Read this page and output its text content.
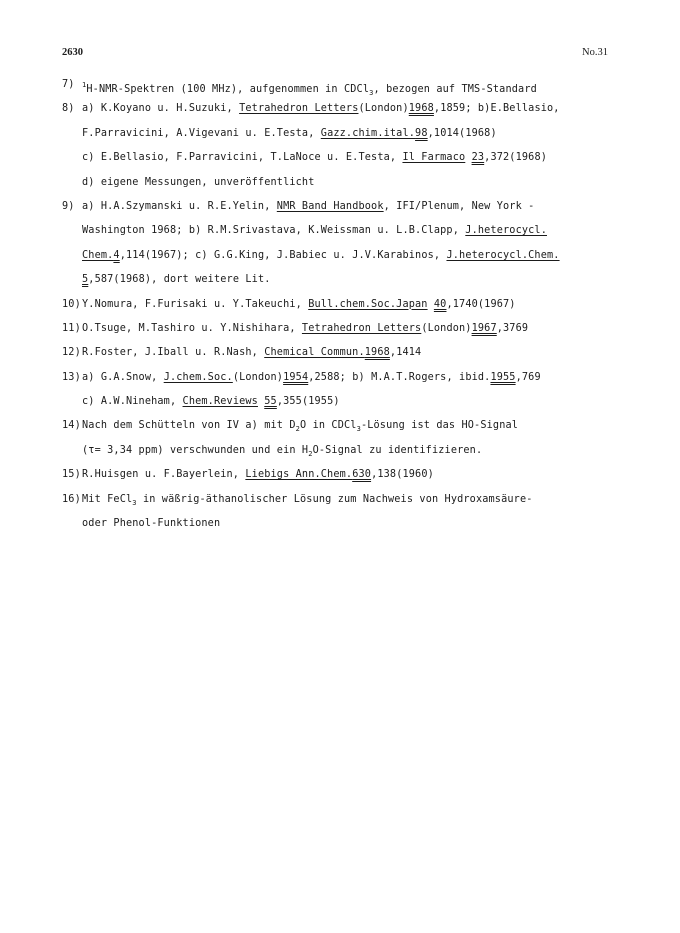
2630	No.31
7) $^1$H-NMR-Spektren (100 MHz), aufgenommen in CDCl$_3$, bezogen auf TMS-Standard
8) a) K.Koyano u. H.Suzuki, Tetrahedron Letters(London)1968,1859; b)E.Bellasio,
F.Parravicini, A.Vigevani u. E.Testa, Gazz.chim.ital.98,1014(1968)
c) E.Bellasio, F.Parravicini, T.LaNoce u. E.Testa, Il Farmaco 23,372(1968)
d) eigene Messungen, unveröffentlicht
9) a) H.A.Szymanski u. R.E.Yelin, NMR Band Handbook, IFI/Plenum, New York -
Washington 1968; b) R.M.Srivastava, K.Weissman u. L.B.Clapp, J.heterocycl.
Chem.4,114(1967); c) G.G.King, J.Babiec u. J.V.Karabinos, J.heterocycl.Chem.
5,587(1968), dort weitere Lit.
10) Y.Nomura, F.Furisaki u. Y.Takeuchi, Bull.chem.Soc.Japan 40,1740(1967)
11) O.Tsuge, M.Tashiro u. Y.Nishihara, Tetrahedron Letters(London)1967,3769
12) R.Foster, J.Iball u. R.Nash, Chemical Commun.1968,1414
13) a) G.A.Snow, J.chem.Soc.(London)1954,2588; b) M.A.T.Rogers, ibid.1955,769
c) A.W.Nineham, Chem.Reviews 55,355(1955)
14) Nach dem Schütteln von IV a) mit $D_2O$ in CDCl$_3$-Lösung ist das HO-Signal
(τ= 3,34 ppm) verschwunden und ein $H_2O$-Signal zu identifizieren.
15) R.Huisgen u. F.Bayerlein, Liebigs Ann.Chem.630,138(1960)
16) Mit FeCl$_3$ in wäßrig-äthanolischer Lösung zum Nachweis von Hydroxamsäure-
oder Phenol-Funktionen
